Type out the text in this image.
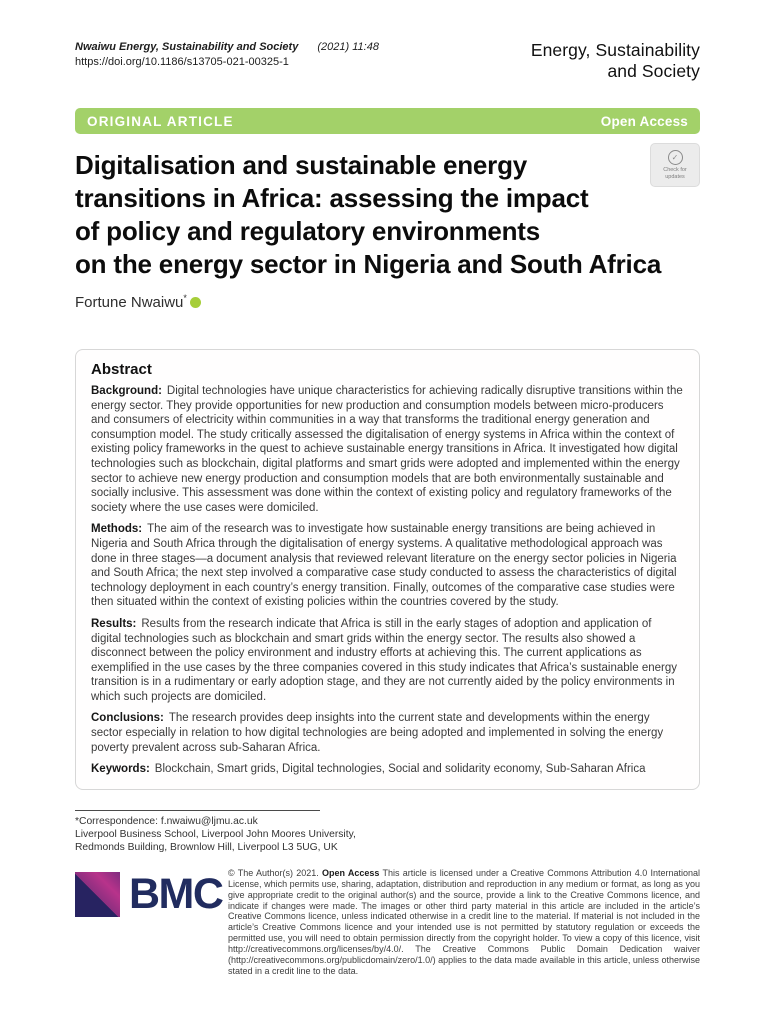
Nwaiwu Energy, Sustainability and Society (2021) 11:48
https://doi.org/10.1186/s13705-021-00325-1
Energy, Sustainability
and Society
ORIGINAL ARTICLE	Open Access
Digitalisation and sustainable energy
transitions in Africa: assessing the impact
of policy and regulatory environments
on the energy sector in Nigeria and South Africa
Fortune Nwaiwu *
Abstract

Background: Digital technologies have unique characteristics for achieving radically disruptive transitions within the energy sector. They provide opportunities for new production and consumption models between micro-producers and consumers of electricity within communities in a way that transforms the traditional energy generation and consumption model. The study critically assessed the digitalisation of energy systems in Africa within the context of existing policy frameworks in the quest to achieve sustainable energy transitions in Africa. It investigated how digital technologies such as blockchain, digital platforms and smart grids were adopted and implemented within the energy sector to achieve new energy production and consumption models that are both environmentally sustainable and socially inclusive. This assessment was done within the context of existing policy and regulatory frameworks of the society where the use cases were domiciled.

Methods: The aim of the research was to investigate how sustainable energy transitions are being achieved in Nigeria and South Africa through the digitalisation of energy systems. A qualitative methodological approach was done in three stages—a document analysis that reviewed relevant literature on the energy sector policies in Nigeria and South Africa; the next step involved a comparative case study conducted to assess the characteristics of digital technology deployment in each country’s energy transition. Finally, outcomes of the comparative case studies were then situated within the context of existing policies within the countries covered by the study.

Results: Results from the research indicate that Africa is still in the early stages of adoption and application of digital technologies such as blockchain and smart grids within the energy sector. The results also showed a disconnect between the policy environment and industry efforts at achieving this. The current applications as exemplified in the use cases by the three companies covered in this study indicates that Africa’s sustainable energy transition is in a rudimentary or early adoption stage, and they are not currently aided by the policy environments in which such projects are domiciled.

Conclusions: The research provides deep insights into the current state and developments within the energy sector especially in relation to how digital technologies are being adopted and implemented in solving the energy poverty prevalent across sub-Saharan Africa.

Keywords: Blockchain, Smart grids, Digital technologies, Social and solidarity economy, Sub-Saharan Africa

*Correspondence: f.nwaiwu@ljmu.ac.uk
Liverpool Business School, Liverpool John Moores University, Redmonds Building, Brownlow Hill, Liverpool L3 5UG, UK
BMC © The Author(s) 2021. Open Access This article is licensed under a Creative Commons Attribution 4.0 International License, which permits use, sharing, adaptation, distribution and reproduction in any medium or format, as long as you give appropriate credit to the original author(s) and the source, provide a link to the Creative Commons licence, and indicate if changes were made. The images or other third party material in this article are included in the article’s Creative Commons licence, unless indicated otherwise in a credit line to the material. If material is not included in the article’s Creative Commons licence and your intended use is not permitted by statutory regulation or exceeds the permitted use, you will need to obtain permission directly from the copyright holder. To view a copy of this licence, visit http://creativecommons.org/licenses/by/4.0/. The Creative Commons Public Domain Dedication waiver (http://creativecommons.org/publicdomain/zero/1.0/) applies to the data made available in this article, unless otherwise stated in a credit line to the data.
✓
Check for
updates
